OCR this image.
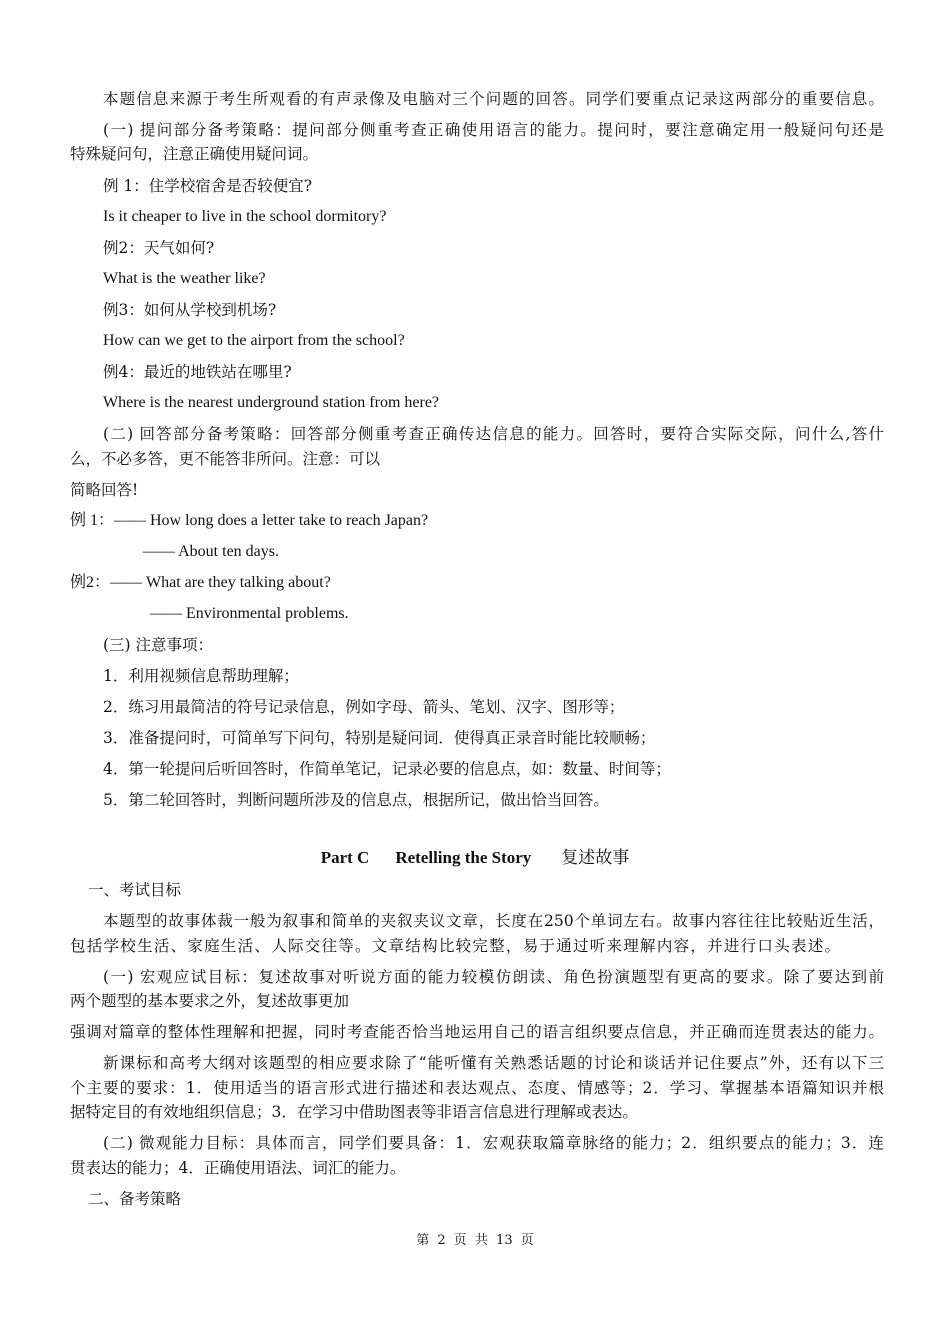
本题信息来源于考生所观看的有声录像及电脑对三个问题的回答。同学们要重点记录这两部分的重要信息。
(一) 提问部分备考策略：提问部分侧重考查正确使用语言的能力。提问时，要注意确定用一般疑问句还是
特殊疑问句，注意正确使用疑问词。
例 1：住学校宿舍是否较便宜?
Is it cheaper to live in the school dormitory?
例2：天气如何?
What is the weather like?
例3：如何从学校到机场?
How can we get to the airport from the school?
例4：最近的地铁站在哪里?
Where is the nearest underground station from here?
(二) 回答部分备考策略：回答部分侧重考查正确传达信息的能力。回答时，要符合实际交际，问什么,答什
么，不必多答，更不能答非所问。注意：可以
简略回答!
例 1：—— How long does a letter take to reach Japan?
—— About ten days.
例2：—— What are they talking about?
—— Environmental problems.
(三) 注意事项：
1．利用视频信息帮助理解；
2．练习用最简洁的符号记录信息，例如字母、箭头、笔划、汉字、图形等；
3．准备提问时，可简单写下问句，特别是疑问词．使得真正录音时能比较顺畅；
4．第一轮提问后听回答时，作简单笔记，记录必要的信息点，如：数量、时间等；
5．第二轮回答时，判断问题所涉及的信息点，根据所记，做出恰当回答。
Part C Retelling the Story 复述故事
一、考试目标
本题型的故事体裁一般为叙事和简单的夹叙夹议文章，长度在250个单词左右。故事内容往往比较贴近生活，
包括学校生活、家庭生活、人际交往等。文章结构比较完整，易于通过听来理解内容，并进行口头表述。
(一) 宏观应试目标：复述故事对听说方面的能力较模仿朗读、角色扮演题型有更高的要求。除了要达到前
两个题型的基本要求之外，复述故事更加
强调对篇章的整体性理解和把握，同时考查能否恰当地运用自己的语言组织要点信息，并正确而连贯表达的能力。
新课标和高考大纲对该题型的相应要求除了“能听懂有关熟悉话题的讨论和谈话并记住要点”外，还有以下三
个主要的要求：1．使用适当的语言形式进行描述和表达观点、态度、情感等；2．学习、掌握基本语篇知识并根
据特定目的有效地组织信息；3．在学习中借助图表等非语言信息进行理解或表达。
(二) 微观能力目标：具体而言，同学们要具备：1．宏观获取篇章脉络的能力；2．组织要点的能力；3．连
贯表达的能力；4．正确使用语法、词汇的能力。
二、备考策略
第 2 页 共 13 页
